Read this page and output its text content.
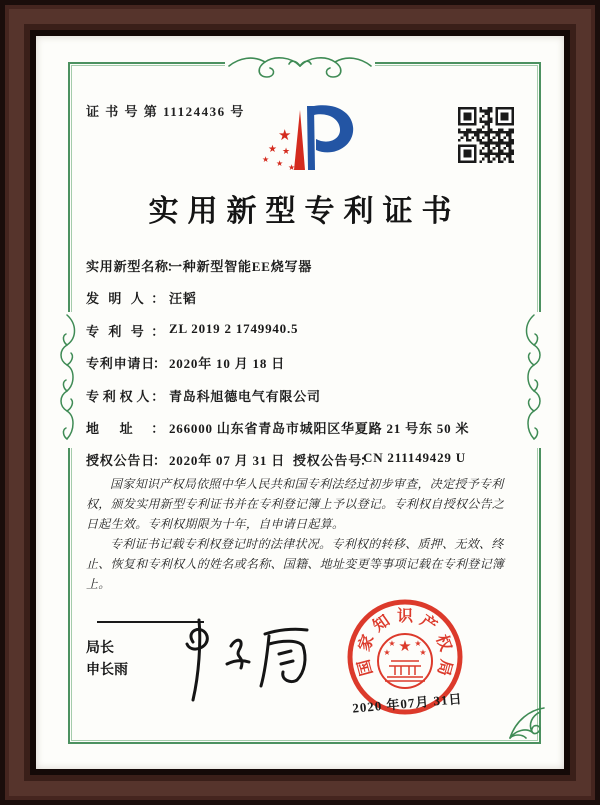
证 书 号 第 11124436 号
★
★ ★
★ ★ ★
实用新型专利证书
实用新型名称 ：一种新型智能EE烧写器
发明人 ： 汪韬
专利号 ： ZL 2019 2 1749940.5
专利申请日 ： 2020年 10 月 18 日
专利权人 ： 青岛科旭德电气有限公司
地址 ： 266000 山东省青岛市城阳区华夏路 21 号东 50 米
授权公告日 ： 2020年 07 月 31 日 授权公告号 ：CN 211149429 U

国家知识产权局依照中华人民共和国专利法经过初步审查，决定授予专利权，颁发实用新型专利证书并在专利登记簿上予以登记。专利权自授权公告之日起生效。专利权期限为十年，自申请日起算。

专利证书记载专利权登记时的法律状况。专利权的转移、质押、无效、终止、恢复和专利权人的姓名或名称、国籍、地址变更等事项记载在专利登记簿上。

局长
申长雨	国
家
知 识 产
权
局
★
★ ★
★	★
2020 年07月 31日
